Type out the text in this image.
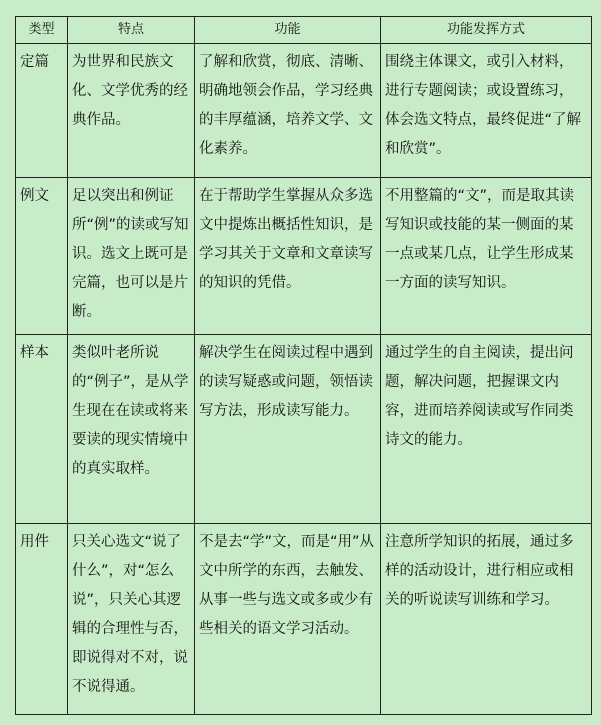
类型	特点	功能	功能发挥方式
定篇	为世界和民族文化、文学优秀的经典作品。	了解和欣赏，彻底、清晰、明确地领会作品，学习经典的丰厚蕴涵，培养文学、文化素养。	围绕主体课文，或引入材料，进行专题阅读；或设置练习，体会选文特点，最终促进“了解和欣赏”。
例文	足以突出和例证所“例”的读或写知识。选文上既可是完篇，也可以是片断。	在于帮助学生掌握从众多选文中提炼出概括性知识，是学习其关于文章和文章读写的知识的凭借。	不用整篇的“文”，而是取其读写知识或技能的某一侧面的某一点或某几点，让学生形成某一方面的读写知识。
样本	类似叶老所说的“例子”，是从学生现在在读或将来要读的现实情境中的真实取样。	解决学生在阅读过程中遇到的读写疑惑或问题，领悟读写方法，形成读写能力。	通过学生的自主阅读，提出问题，解决问题，把握课文内容，进而培养阅读或写作同类诗文的能力。
用件	只关心选文“说了什么”，对“怎么说”，只关心其逻辑的合理性与否，即说得对不对，说不说得通。	不是去“学”文，而是“用”从文中所学的东西，去触发、从事一些与选文或多或少有些相关的语文学习活动。	注意所学知识的拓展，通过多样的活动设计，进行相应或相关的听说读写训练和学习。
